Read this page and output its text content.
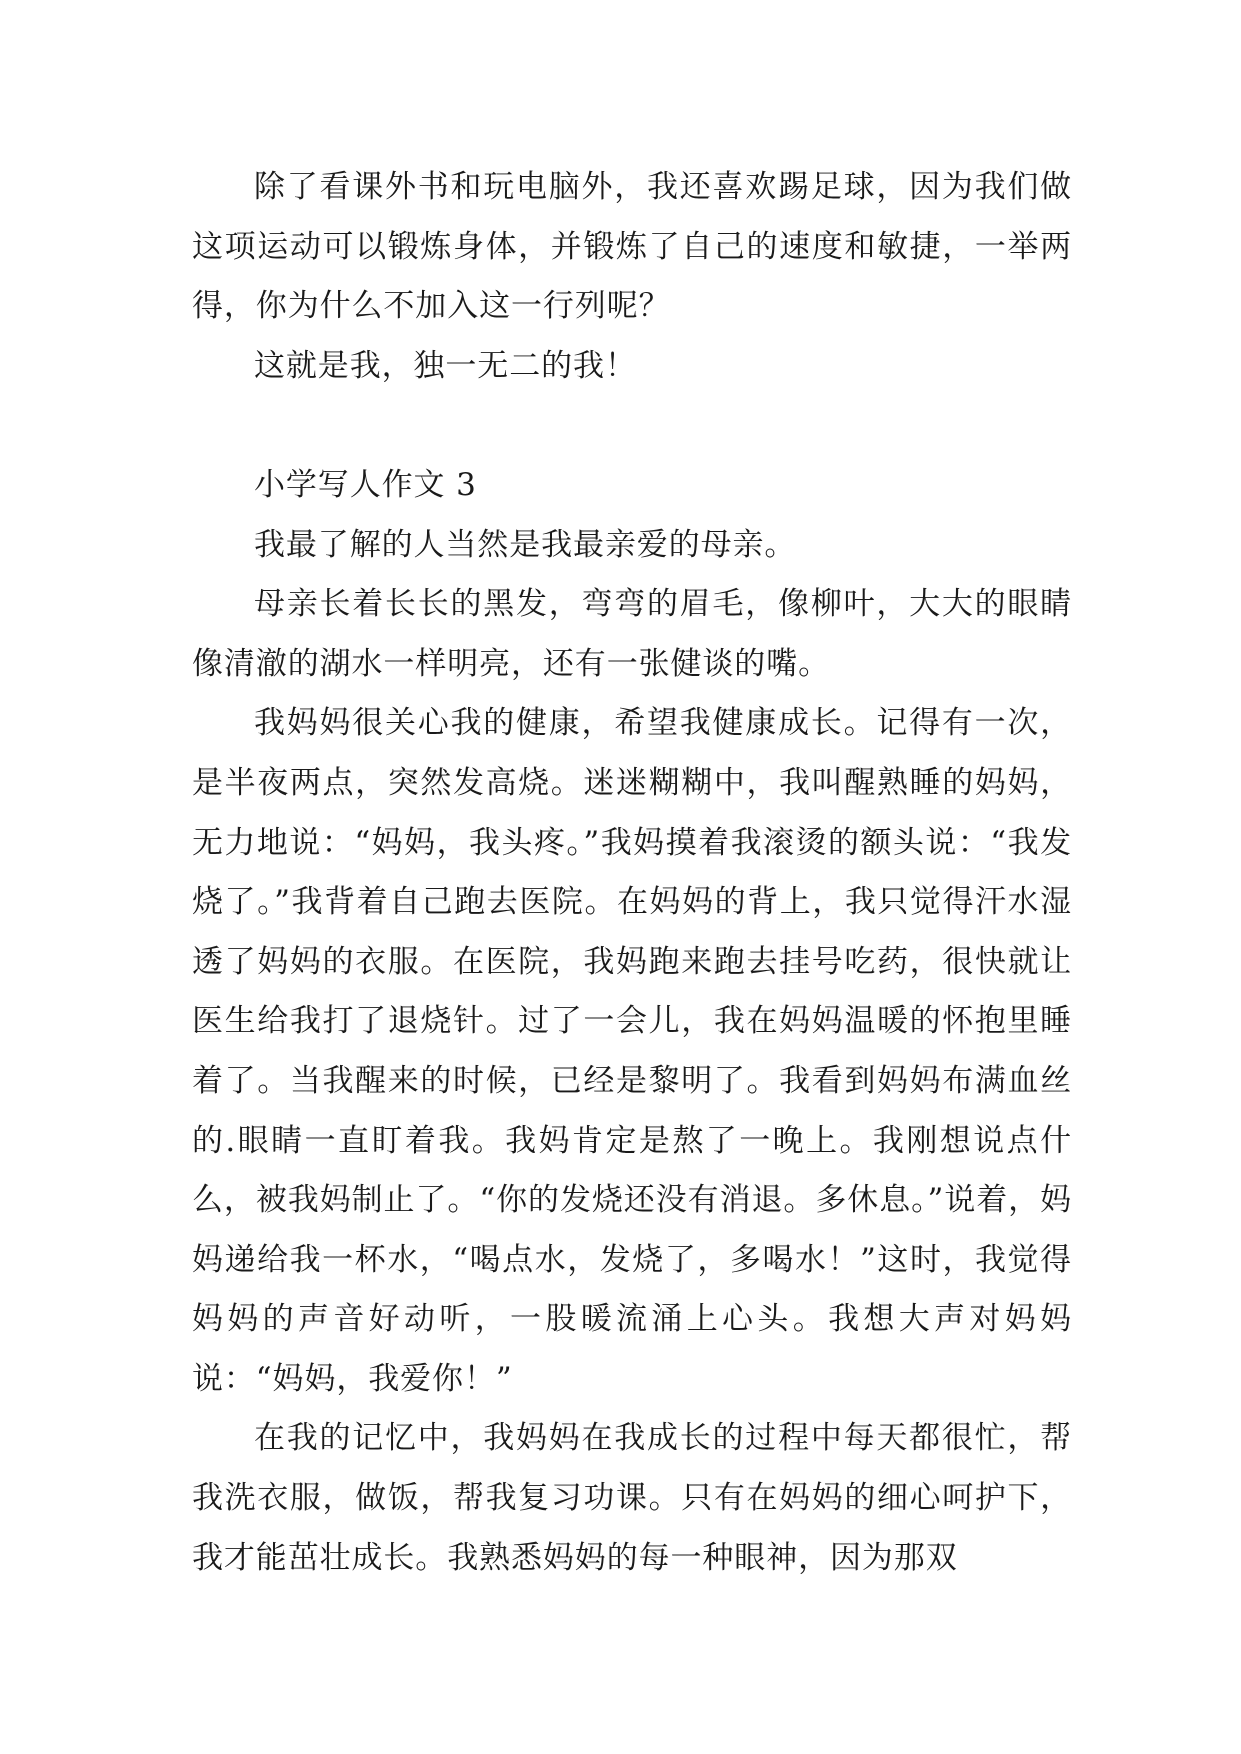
除了看课外书和玩电脑外，我还喜欢踢足球，因为我们做这项运动可以锻炼身体，并锻炼了自己的速度和敏捷，一举两得，你为什么不加入这一行列呢？

这就是我，独一无二的我！

小学写人作文 3

我最了解的人当然是我最亲爱的母亲。

母亲长着长长的黑发，弯弯的眉毛，像柳叶，大大的眼睛像清澈的湖水一样明亮，还有一张健谈的嘴。

我妈妈很关心我的健康，希望我健康成长。记得有一次，是半夜两点，突然发高烧。迷迷糊糊中，我叫醒熟睡的妈妈，无力地说：“妈妈，我头疼。”我妈摸着我滚烫的额头说：“我发烧了。”我背着自己跑去医院。在妈妈的背上，我只觉得汗水湿透了妈妈的衣服。在医院，我妈跑来跑去挂号吃药，很快就让医生给我打了退烧针。过了一会儿，我在妈妈温暖的怀抱里睡着了。当我醒来的时候，已经是黎明了。我看到妈妈布满血丝的.眼睛一直盯着我。我妈肯定是熬了一晚上。我刚想说点什么，被我妈制止了。“你的发烧还没有消退。多休息。”说着，妈妈递给我一杯水，“喝点水，发烧了，多喝水！”这时，我觉得妈妈的声音好动听，一股暖流涌上心头。我想大声对妈妈说：“妈妈，我爱你！”

在我的记忆中，我妈妈在我成长的过程中每天都很忙，帮我洗衣服，做饭，帮我复习功课。只有在妈妈的细心呵护下，我才能茁壮成长。我熟悉妈妈的每一种眼神，因为那双
